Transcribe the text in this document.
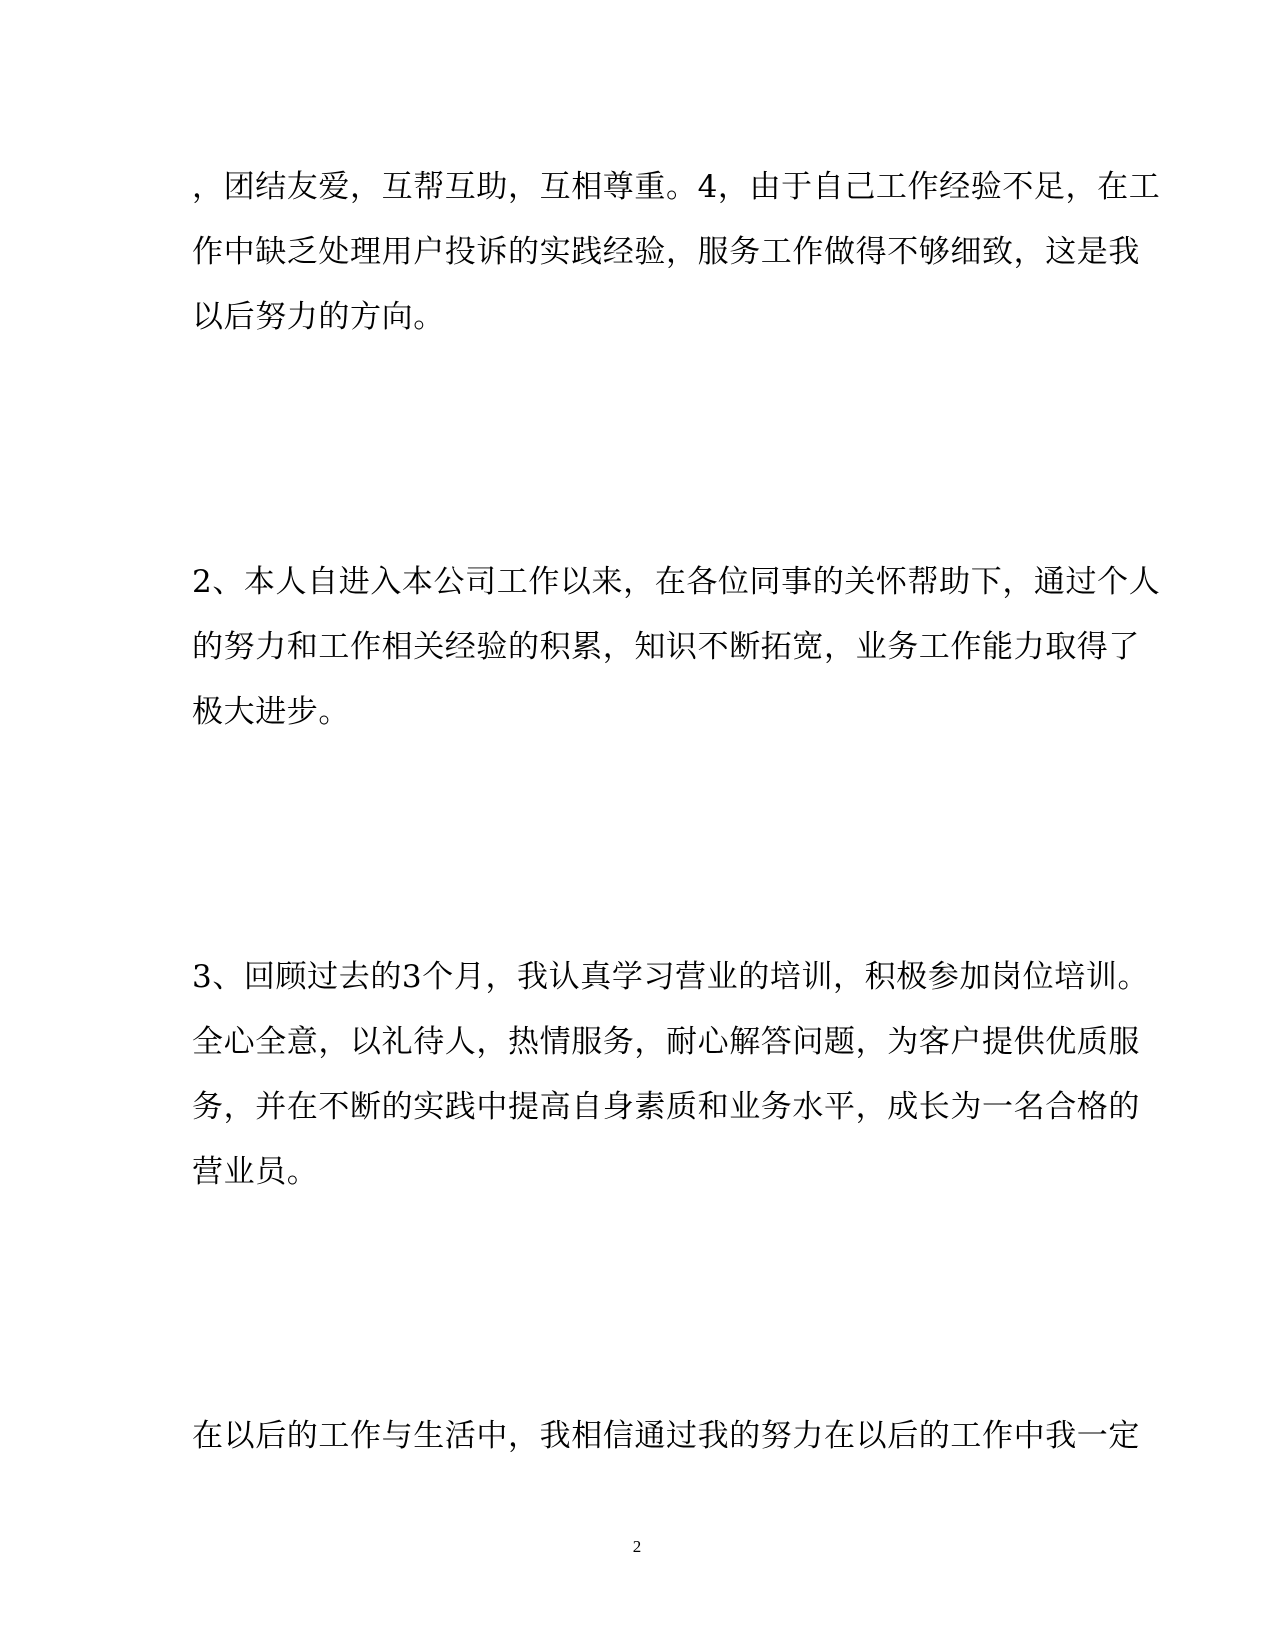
，团结友爱，互帮互助，互相尊重。4，由于自己工作经验不足，在工
作中缺乏处理用户投诉的实践经验，服务工作做得不够细致，这是我
以后努力的方向。
2、本人自进入本公司工作以来，在各位同事的关怀帮助下，通过个人
的努力和工作相关经验的积累，知识不断拓宽，业务工作能力取得了
极大进步。
3、回顾过去的3个月，我认真学习营业的培训，积极参加岗位培训。
全心全意，以礼待人，热情服务，耐心解答问题，为客户提供优质服
务，并在不断的实践中提高自身素质和业务水平，成长为一名合格的
营业员。
在以后的工作与生活中，我相信通过我的努力在以后的工作中我一定
2
